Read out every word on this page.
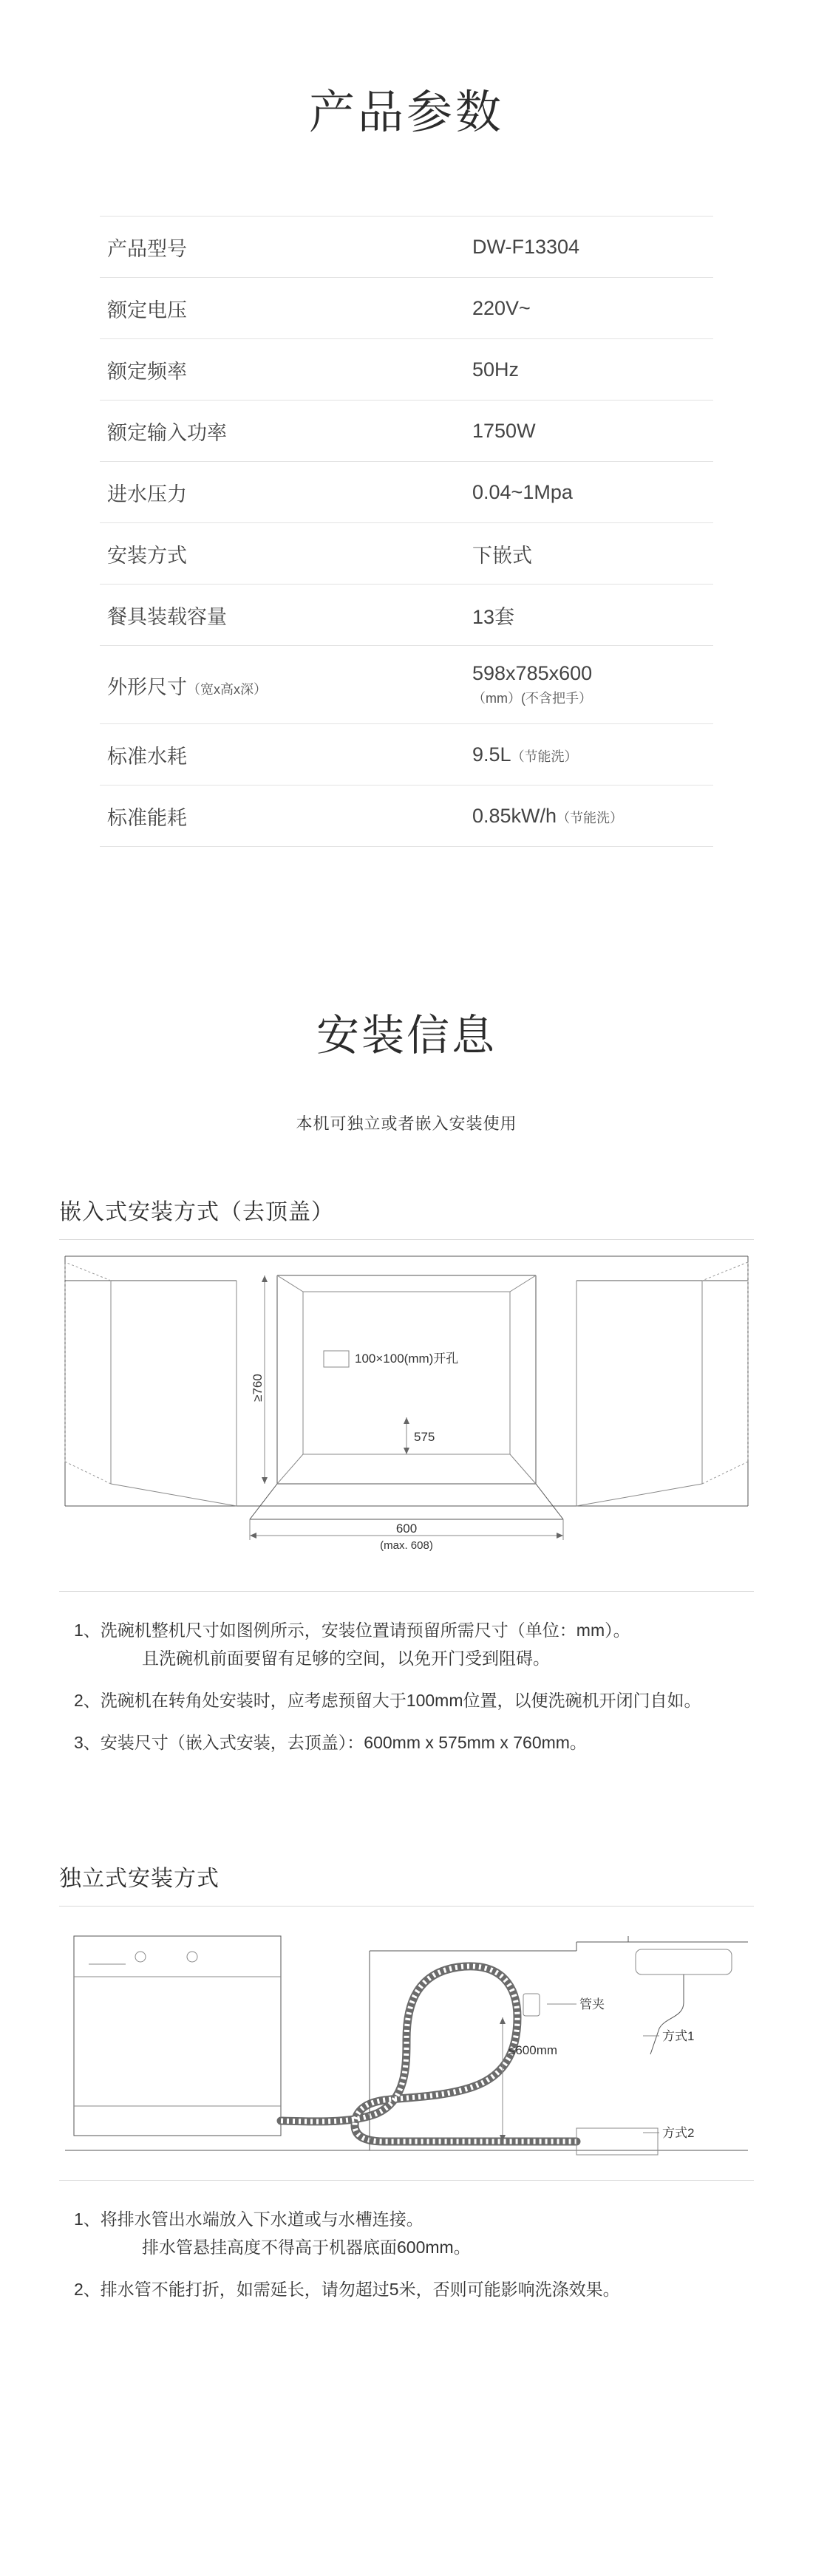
产品参数
产品型号	DW-F13304
额定电压	220V~
额定频率	50Hz
额定输入功率	1750W
进水压力	0.04~1Mpa
安装方式	下嵌式
餐具装载容量	13套
外形尺寸（宽x高x深）	598x785x600（mm）(不含把手）
标准水耗	9.5L（节能洗）
标准能耗	0.85kW/h（节能洗）
安装信息
本机可独立或者嵌入安装使用
嵌入式安装方式（去顶盖）
≥760
100×100(mm)开孔
575
600
(max. 608)

1、洗碗机整机尺寸如图例所示，安装位置请预留所需尺寸（单位：mm）。
且洗碗机前面要留有足够的空间，以免开门受到阻碍。

2、洗碗机在转角处安装时，应考虑预留大于100mm位置，以便洗碗机开闭门自如。

3、安装尺寸（嵌入式安装，去顶盖）：600mm x 575mm x 760mm。

独立式安装方式
管夹
方式1
≤600mm
方式2

1、将排水管出水端放入下水道或与水槽连接。
排水管悬挂高度不得高于机器底面600mm。

2、排水管不能打折，如需延长，请勿超过5米，否则可能影响洗涤效果。
